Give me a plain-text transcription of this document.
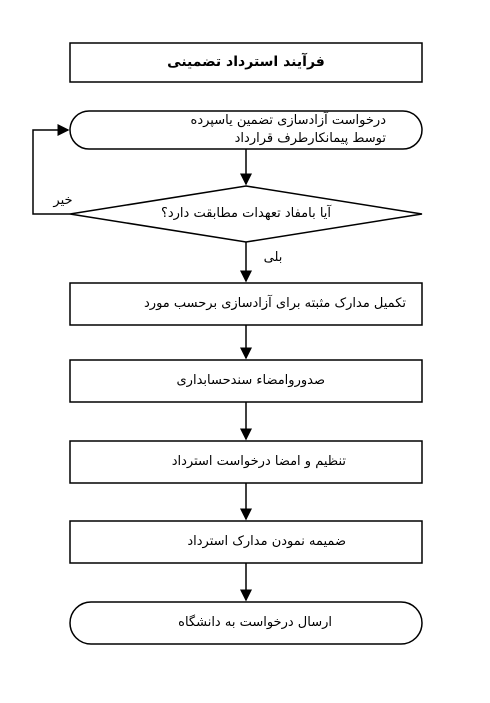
فرآیند استرداد تضمینی
درخواست آزادسازی تضمین یاسپرده توسط پیمانکارطرف قرارداد
آیا بامفاد تعهدات مطابقت دارد؟
خیر
بلی
تکمیل مدارک مثبته برای آزادسازی برحسب مورد
صدوروامضاء سندحسابداری
تنظیم و امضا درخواست استرداد
ضمیمه نمودن مدارک استرداد
ارسال درخواست به دانشگاه
